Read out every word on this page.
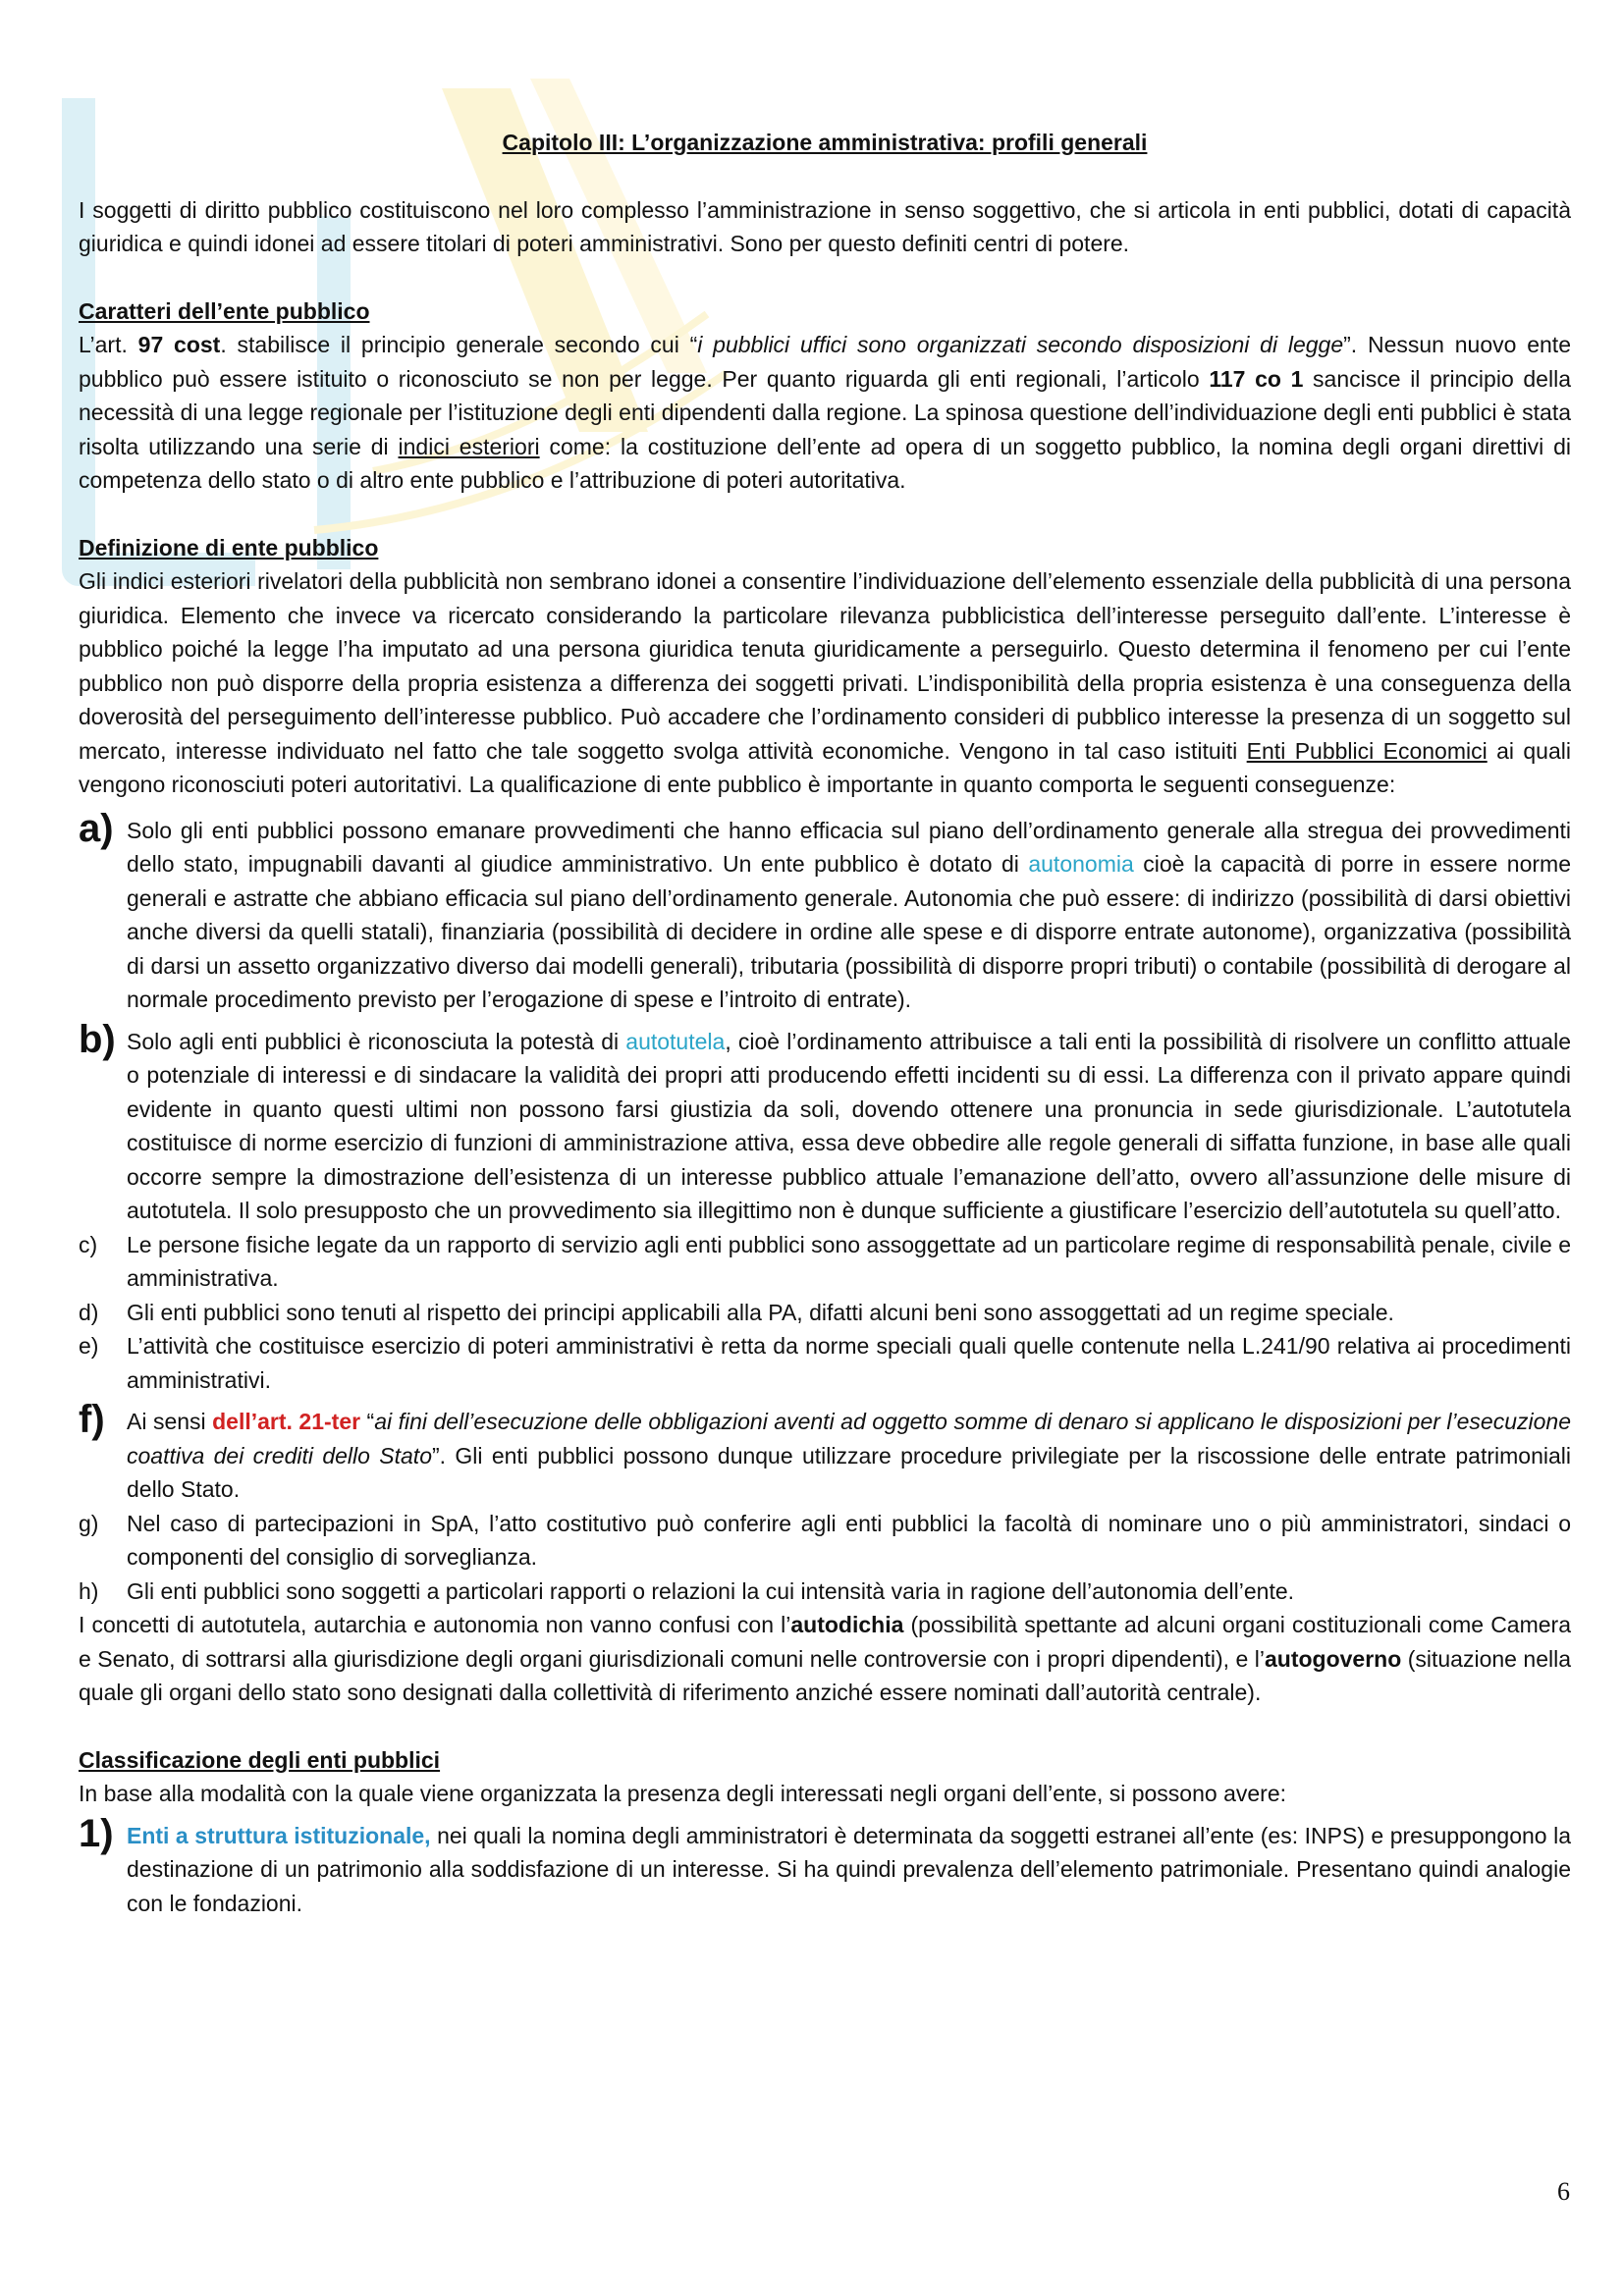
Capitolo III: L’organizzazione amministrativa: profili generali

I soggetti di diritto pubblico costituiscono nel loro complesso l’amministrazione in senso soggettivo, che si articola in enti pubblici, dotati di capacità giuridica e quindi idonei ad essere titolari di poteri amministrativi. Sono per questo definiti centri di potere.

Caratteri dell’ente pubblico

L’art. 97 cost. stabilisce il principio generale secondo cui “i pubblici uffici sono organizzati secondo disposizioni di legge”. Nessun nuovo ente pubblico può essere istituito o riconosciuto se non per legge. Per quanto riguarda gli enti regionali, l’articolo 117 co 1 sancisce il principio della necessità di una legge regionale per l’istituzione degli enti dipendenti dalla regione. La spinosa questione dell’individuazione degli enti pubblici è stata risolta utilizzando una serie di indici esteriori come: la costituzione dell’ente ad opera di un soggetto pubblico, la nomina degli organi direttivi di competenza dello stato o di altro ente pubblico e l’attribuzione di poteri autoritativa.

Definizione di ente pubblico

Gli indici esteriori rivelatori della pubblicità non sembrano idonei a consentire l’individuazione dell’elemento essenziale della pubblicità di una persona giuridica. Elemento che invece va ricercato considerando la particolare rilevanza pubblicistica dell’interesse perseguito dall’ente. L’interesse è pubblico poiché la legge l’ha imputato ad una persona giuridica tenuta giuridicamente a perseguirlo. Questo determina il fenomeno per cui l’ente pubblico non può disporre della propria esistenza a differenza dei soggetti privati. L’indisponibilità della propria esistenza è una conseguenza della doverosità del perseguimento dell’interesse pubblico. Può accadere che l’ordinamento consideri di pubblico interesse la presenza di un soggetto sul mercato, interesse individuato nel fatto che tale soggetto svolga attività economiche. Vengono in tal caso istituiti Enti Pubblici Economici ai quali vengono riconosciuti poteri autoritativi. La qualificazione di ente pubblico è importante in quanto comporta le seguenti conseguenze:

a) Solo gli enti pubblici possono emanare provvedimenti che hanno efficacia sul piano dell’ordinamento generale alla stregua dei provvedimenti dello stato, impugnabili davanti al giudice amministrativo. Un ente pubblico è dotato di autonomia cioè la capacità di porre in essere norme generali e astratte che abbiano efficacia sul piano dell’ordinamento generale. Autonomia che può essere: di indirizzo (possibilità di darsi obiettivi anche diversi da quelli statali), finanziaria (possibilità di decidere in ordine alle spese e di disporre entrate autonome), organizzativa (possibilità di darsi un assetto organizzativo diverso dai modelli generali), tributaria (possibilità di disporre propri tributi) o contabile (possibilità di derogare al normale procedimento previsto per l’erogazione di spese e l’introito di entrate).
b) Solo agli enti pubblici è riconosciuta la potestà di autotutela, cioè l’ordinamento attribuisce a tali enti la possibilità di risolvere un conflitto attuale o potenziale di interessi e di sindacare la validità dei propri atti producendo effetti incidenti su di essi. La differenza con il privato appare quindi evidente in quanto questi ultimi non possono farsi giustizia da soli, dovendo ottenere una pronuncia in sede giurisdizionale. L’autotutela costituisce di norme esercizio di funzioni di amministrazione attiva, essa deve obbedire alle regole generali di siffatta funzione, in base alle quali occorre sempre la dimostrazione dell’esistenza di un interesse pubblico attuale l’emanazione dell’atto, ovvero all’assunzione delle misure di autotutela. Il solo presupposto che un provvedimento sia illegittimo non è dunque sufficiente a giustificare l’esercizio dell’autotutela su quell’atto.
c)	Le persone fisiche legate da un rapporto di servizio agli enti pubblici sono assoggettate ad un particolare regime di responsabilità penale, civile e amministrativa.
d)	Gli enti pubblici sono tenuti al rispetto dei principi applicabili alla PA, difatti alcuni beni sono assoggettati ad un regime speciale.
e)	L’attività che costituisce esercizio di poteri amministrativi è retta da norme speciali quali quelle contenute nella L.241/90 relativa ai procedimenti amministrativi.
f) Ai sensi dell’art. 21-ter “ai fini dell’esecuzione delle obbligazioni aventi ad oggetto somme di denaro si applicano le disposizioni per l’esecuzione coattiva dei crediti dello Stato”. Gli enti pubblici possono dunque utilizzare procedure privilegiate per la riscossione delle entrate patrimoniali dello Stato.
g)	Nel caso di partecipazioni in SpA, l’atto costitutivo può conferire agli enti pubblici la facoltà di nominare uno o più amministratori, sindaci o componenti del consiglio di sorveglianza.
h)	Gli enti pubblici sono soggetti a particolari rapporti o relazioni la cui intensità varia in ragione dell’autonomia dell’ente.

I concetti di autotutela, autarchia e autonomia non vanno confusi con l’autodichia (possibilità spettante ad alcuni organi costituzionali come Camera e Senato, di sottrarsi alla giurisdizione degli organi giurisdizionali comuni nelle controversie con i propri dipendenti), e l’autogoverno (situazione nella quale gli organi dello stato sono designati dalla collettività di riferimento anziché essere nominati dall’autorità centrale).

Classificazione degli enti pubblici

In base alla modalità con la quale viene organizzata la presenza degli interessati negli organi dell’ente, si possono avere:

1) Enti a struttura istituzionale, nei quali la nomina degli amministratori è determinata da soggetti estranei all’ente (es: INPS) e presuppongono la destinazione di un patrimonio alla soddisfazione di un interesse. Si ha quindi prevalenza dell’elemento patrimoniale. Presentano quindi analogie con le fondazioni.
6
